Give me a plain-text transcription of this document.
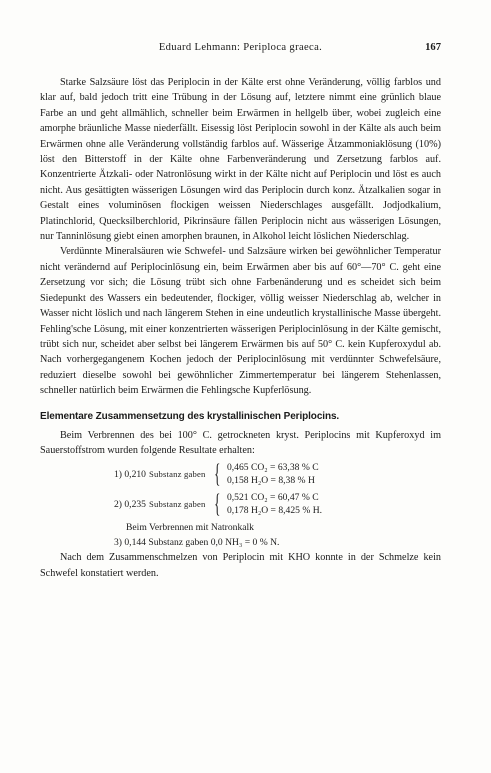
Eduard Lehmann: Periploca graeca.	167

Starke Salzsäure löst das Periplocin in der Kälte erst ohne Veränderung, völlig farblos und klar auf, bald jedoch tritt eine Trübung in der Lösung auf, letztere nimmt eine grünlich blaue Farbe an und geht allmählich, schneller beim Erwärmen in hellgelb über, wobei zugleich eine amorphe bräunliche Masse niederfällt. Eisessig löst Periplocin sowohl in der Kälte als auch beim Erwärmen ohne alle Veränderung vollständig farblos auf. Wässerige Ätzammoniaklösung (10%) löst den Bitterstoff in der Kälte ohne Farbenveränderung und Zersetzung farblos auf. Konzentrierte Ätzkali- oder Natronlösung wirkt in der Kälte nicht auf Periplocin und löst es auch nicht. Aus gesättigten wässerigen Lösungen wird das Periplocin durch konz. Ätzalkalien sogar in Gestalt eines voluminösen flockigen weissen Niederschlages ausgefällt. Jodjodkalium, Platinchlorid, Quecksilberchlorid, Pikrinsäure fällen Periplocin nicht aus wässerigen Lösungen, nur Tanninlösung giebt einen amorphen braunen, in Alkohol leicht löslichen Niederschlag.

Verdünnte Mineralsäuren wie Schwefel- und Salzsäure wirken bei gewöhnlicher Temperatur nicht verändernd auf Periplocinlösung ein, beim Erwärmen aber bis auf 60°—70° C. geht eine Zersetzung vor sich; die Lösung trübt sich ohne Farbenänderung und es scheidet sich beim Siedepunkt des Wassers ein bedeutender, flockiger, völlig weisser Niederschlag ab, welcher in Wasser nicht löslich und nach längerem Stehen in eine undeutlich krystallinische Masse übergeht. Fehling'sche Lösung, mit einer konzentrierten wässerigen Periplocinlösung in der Kälte gemischt, trübt sich nur, scheidet aber selbst bei längerem Erwärmen bis auf 50° C. kein Kupferoxydul ab. Nach vorhergegangenem Kochen jedoch der Periplocinlösung mit verdünnter Schwefelsäure, reduziert dieselbe sowohl bei gewöhnlicher Zimmertemperatur bei längerem Stehenlassen, schneller natürlich beim Erwärmen die Fehlingsche Kupferlösung.

Elementare Zusammensetzung des krystallinischen Periplocins.

Beim Verbrennen des bei 100° C. getrockneten kryst. Periplocins mit Kupferoxyd im Sauerstoffstrom wurden folgende Resultate erhalten:

1) 0,210 Substanz gaben { 0,465 CO₂ = 63,38 % C
0,158 H₂O = 8,38 % H
2) 0,235 Substanz gaben { 0,521 CO₂ = 60,47 % C
0,178 H₂O = 8,425 % H.
Beim Verbrennen mit Natronkalk
3) 0,144 Substanz gaben 0,0 NH₃ = 0 % N.

Nach dem Zusammenschmelzen von Periplocin mit KHO konnte in der Schmelze kein Schwefel konstatiert werden.
